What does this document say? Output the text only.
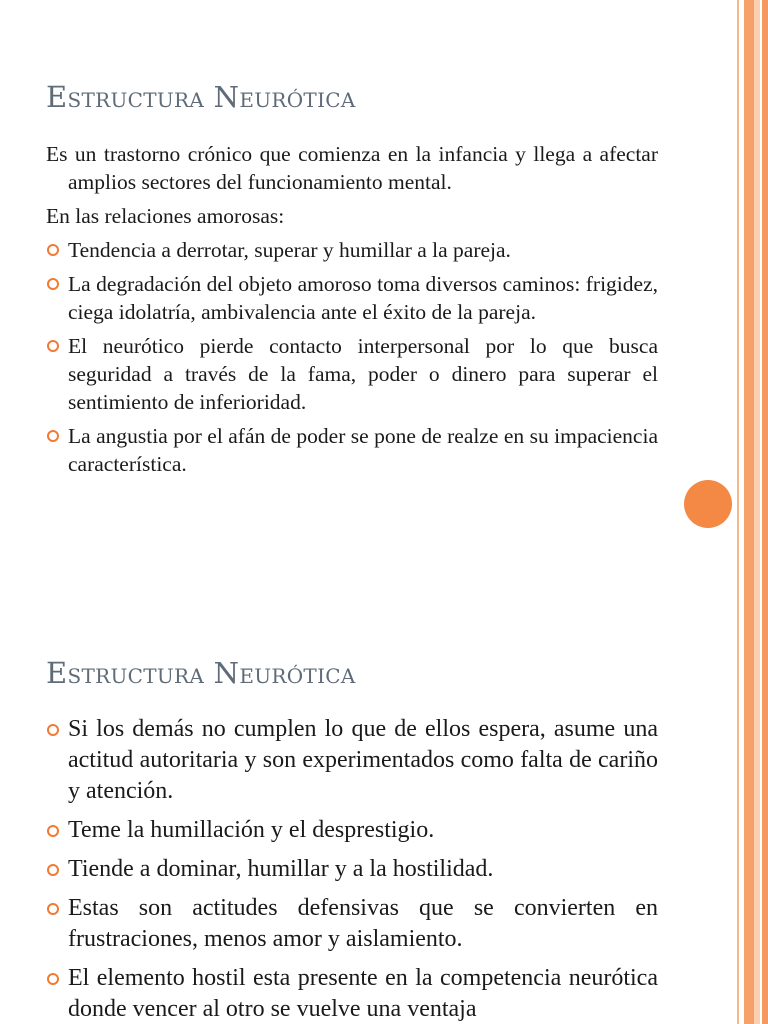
Estructura Neurótica

Es un trastorno crónico que comienza en la infancia y llega a afectar amplios sectores del funcionamiento mental.

En las relaciones amorosas:

Tendencia a derrotar, superar y humillar a la pareja.
La degradación del objeto amoroso toma diversos caminos: frigidez, ciega idolatría, ambivalencia ante el éxito de la pareja.
El neurótico pierde contacto interpersonal por lo que busca seguridad a través de la fama, poder o dinero para superar el sentimiento de inferioridad.
La angustia por el afán de poder se pone de realze en su impaciencia característica.
Estructura Neurótica
Si los demás no cumplen lo que de ellos espera, asume una actitud autoritaria y son experimentados como falta de cariño y atención.
Teme la humillación y el desprestigio.
Tiende a dominar, humillar y a la hostilidad.
Estas son actitudes defensivas que se convierten en frustraciones, menos amor y aislamiento.
El elemento hostil esta presente en la competencia neurótica donde vencer al otro se vuelve una ventaja
